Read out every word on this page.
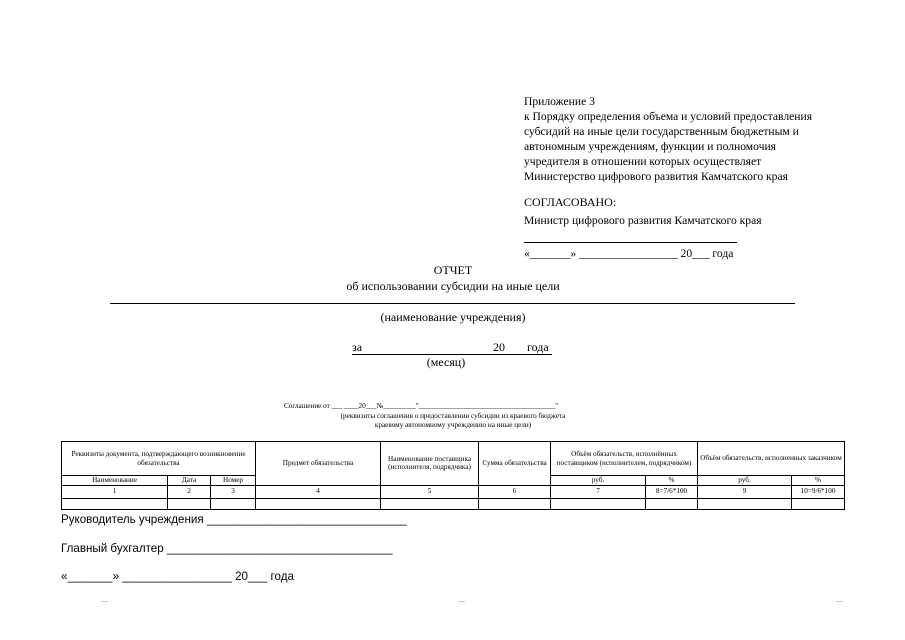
Приложение 3
к Порядку определения объема и условий предоставления
субсидий на иные цели государственным бюджетным и
автономным учреждениям, функции и полномочия
учредителя в отношении которых осуществляет
Министерство цифрового развития Камчатского края
СОГЛАСОВАНО:
Министр цифрового развития Камчатского края
«_______» _________________ 20___ года
ОТЧЕТ
об использовании субсидии на иные цели
(наименование учреждения)
за	20 года
(месяц)
Соглашение от ___ ____20___№_________"______________________________________"
(реквизиты соглашения о предоставлении субсидии из краевого бюджета
краевому автономному учреждению на иные цели)
Реквизиты документа, подтверждающего возникновение обязательства			Предмет обязательства	Наименование поставщика (исполнителя, подрядчика)	Сумма обязательства	Объём обязательств, исполнённых поставщиком (исполнителем, подрядчиком)		Объём обязательств, исполненных заказчиком	
Наименование	Дата	Номер				руб.	%	руб.	%
1	2	3	4	5	6	7	8=7/6*100	9	10=9/6*100

Руководитель учреждения _______________________________
Главный бухгалтер ___________________________________
«_______» _________________ 20___ года
